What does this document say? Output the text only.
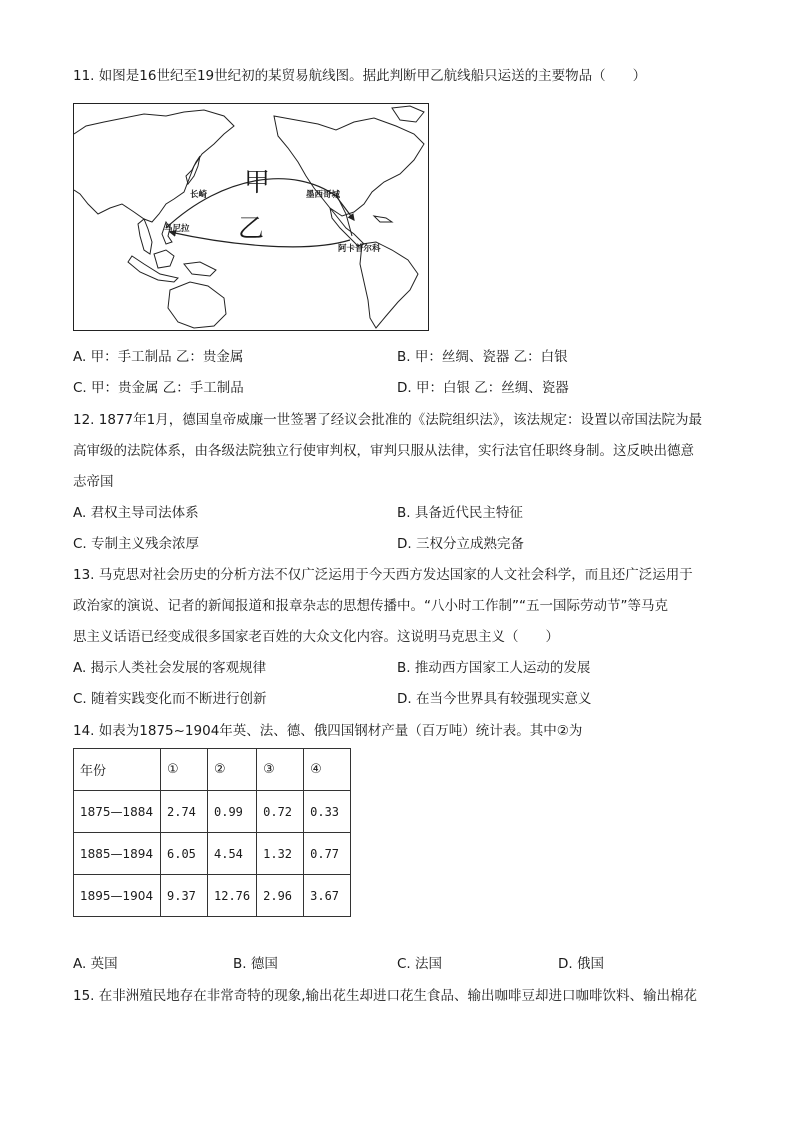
11. 如图是16世纪至19世纪初的某贸易航线图。据此判断甲乙航线船只运送的主要物品（　　）
甲
乙
长崎	墨西哥城
马尼拉
阿卡普尔科
A. 甲：手工制品 乙：贵金属	B. 甲：丝绸、瓷器 乙：白银
C. 甲：贵金属 乙：手工制品	D. 甲：白银 乙：丝绸、瓷器
12. 1877年1月，德国皇帝威廉一世签署了经议会批准的《法院组织法》，该法规定：设置以帝国法院为最
高审级的法院体系，由各级法院独立行使审判权，审判只服从法律，实行法官任职终身制。这反映出德意
志帝国
A. 君权主导司法体系	B. 具备近代民主特征
C. 专制主义残余浓厚	D. 三权分立成熟完备
13. 马克思对社会历史的分析方法不仅广泛运用于今天西方发达国家的人文社会科学，而且还广泛运用于
政治家的演说、记者的新闻报道和报章杂志的思想传播中。“八小时工作制”“五一国际劳动节”等马克
思主义话语已经变成很多国家老百姓的大众文化内容。这说明马克思主义（　　）
A. 揭示人类社会发展的客观规律	B. 推动西方国家工人运动的发展
C. 随着实践变化而不断进行创新	D. 在当今世界具有较强现实意义
14. 如表为1875~1904年英、法、德、俄四国钢材产量（百万吨）统计表。其中②为
年份	①	②	③	④
1875—1884	2.74	0.99	0.72	0.33
1885—1894	6.05	4.54	1.32	0.77
1895—1904	9.37	12.76	2.96	3.67
A. 英国	B. 德国	C. 法国	D. 俄国
15. 在非洲殖民地存在非常奇特的现象,输出花生却进口花生食品、输出咖啡豆却进口咖啡饮料、输出棉花
